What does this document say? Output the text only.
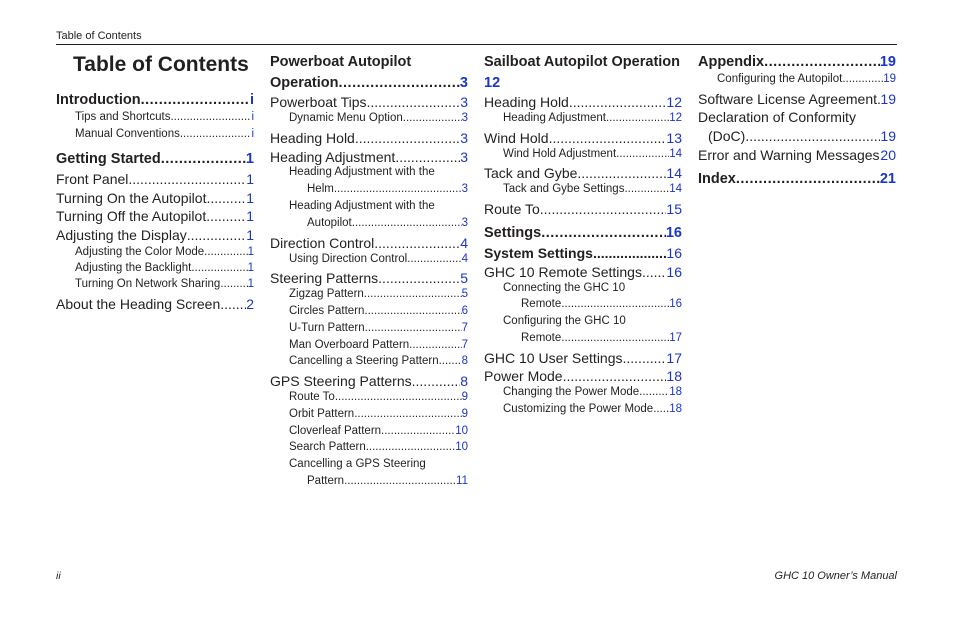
Table of Contents
Table of Contents
Introduction .....	i
Tips and Shortcuts .....	i
Manual Conventions .....	i
Getting Started .....	1
Front Panel .....	1
Turning On the Autopilot .....	1
Turning Off the Autopilot .....	1
Adjusting the Display .....	1
Adjusting the Color Mode .....	1
Adjusting the Backlight .....	1
Turning On Network Sharing ..... 1
About the Heading Screen ..... 2
Powerboat Autopilot
Operation .....	3
Powerboat Tips .....	3
Dynamic Menu Option .....	3
Heading Hold .....	3
Heading Adjustment .....	3
Heading Adjustment with the
Helm .....	3
Heading Adjustment with the
Autopilot .....	3
Direction Control .....	4
Using Direction Control .....	4
Steering Patterns .....	5
Zigzag Pattern .....	5
Circles Pattern .....	6
U-Turn Pattern .....	7
Man Overboard Pattern .....	7
Cancelling a Steering Pattern ..... 8
GPS Steering Patterns .....	8
Route To .....	9
Orbit Pattern .....	9
Cloverleaf Pattern .....	10
Search Pattern .....	10
Cancelling a GPS Steering
Pattern .....	11
Sailboat Autopilot Operation
12
Heading Hold .....	12
Heading Adjustment .....	12
Wind Hold .....	13
Wind Hold Adjustment .....	14
Tack and Gybe .....	14
Tack and Gybe Settings .....	14
Route To .....	15
Settings .....	16
System Settings .....	16
GHC 10 Remote Settings ..... 16
Connecting the GHC 10
Remote .....	16
Configuring the GHC 10
Remote .....	17
GHC 10 User Settings .....	17
Power Mode .....	18
Changing the Power Mode .....	18
Customizing the Power Mode ..... 18
Appendix .....	19
Configuring the Autopilot .....	19
Software License Agreement ..... 19
Declaration of Conformity
(DoC) .....	19
Error and Warning Messages ..... 20
Index .....	21
ii	GHC 10 Owner’s Manual
